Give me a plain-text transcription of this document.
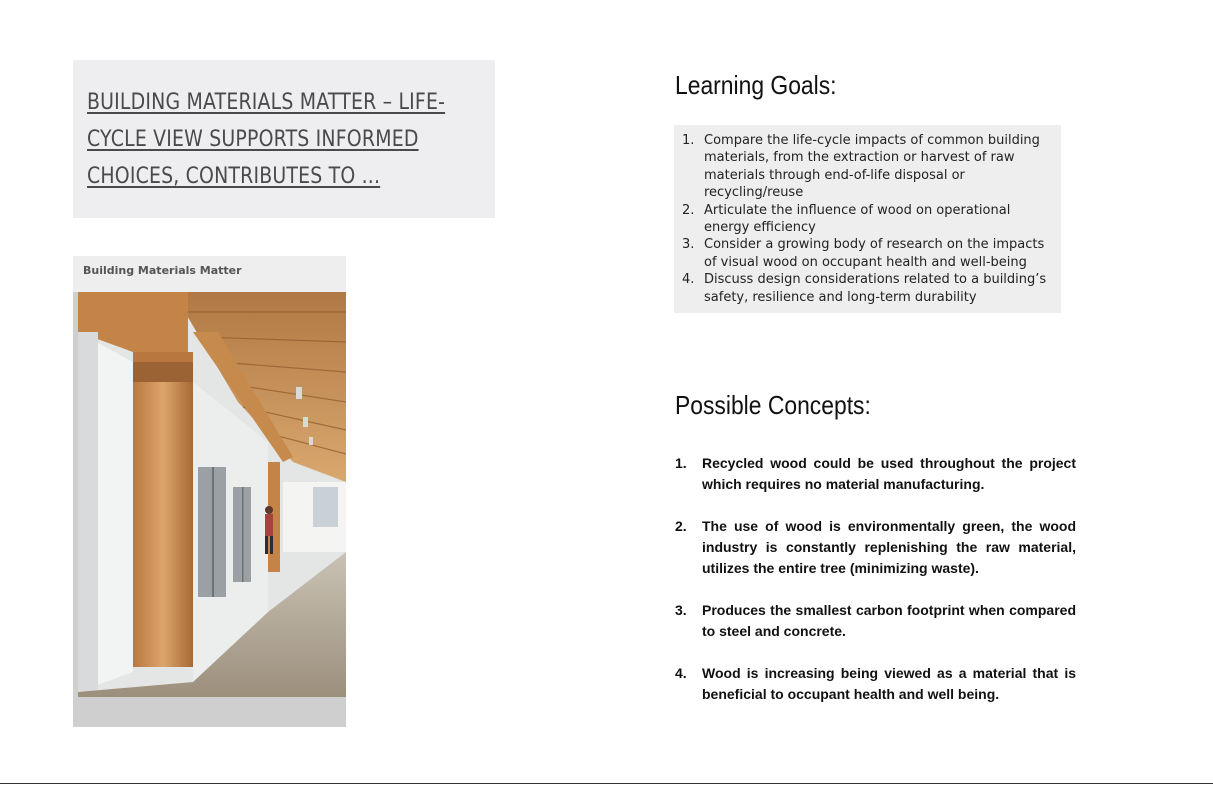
BUILDING MATERIALS MATTER – LIFE-CYCLE VIEW SUPPORTS INFORMED CHOICES, CONTRIBUTES TO ...
Building Materials Matter
Learning Goals:
1. Compare the life-cycle impacts of common building materials, from the extraction or harvest of raw materials through end-of-life disposal or recycling/reuse
2. Articulate the influence of wood on operational energy efficiency
3. Consider a growing body of research on the impacts of visual wood on occupant health and well-being
4. Discuss design considerations related to a building’s safety, resilience and long-term durability
Possible Concepts:
1. Recycled wood could be used throughout the project which requires no material manufacturing.
2. The use of wood is environmentally green, the wood industry is constantly replenishing the raw material, utilizes the entire tree (minimizing waste).
3. Produces the smallest carbon footprint when compared to steel and concrete.
4. Wood is increasing being viewed as a material that is beneficial to occupant health and well being.
